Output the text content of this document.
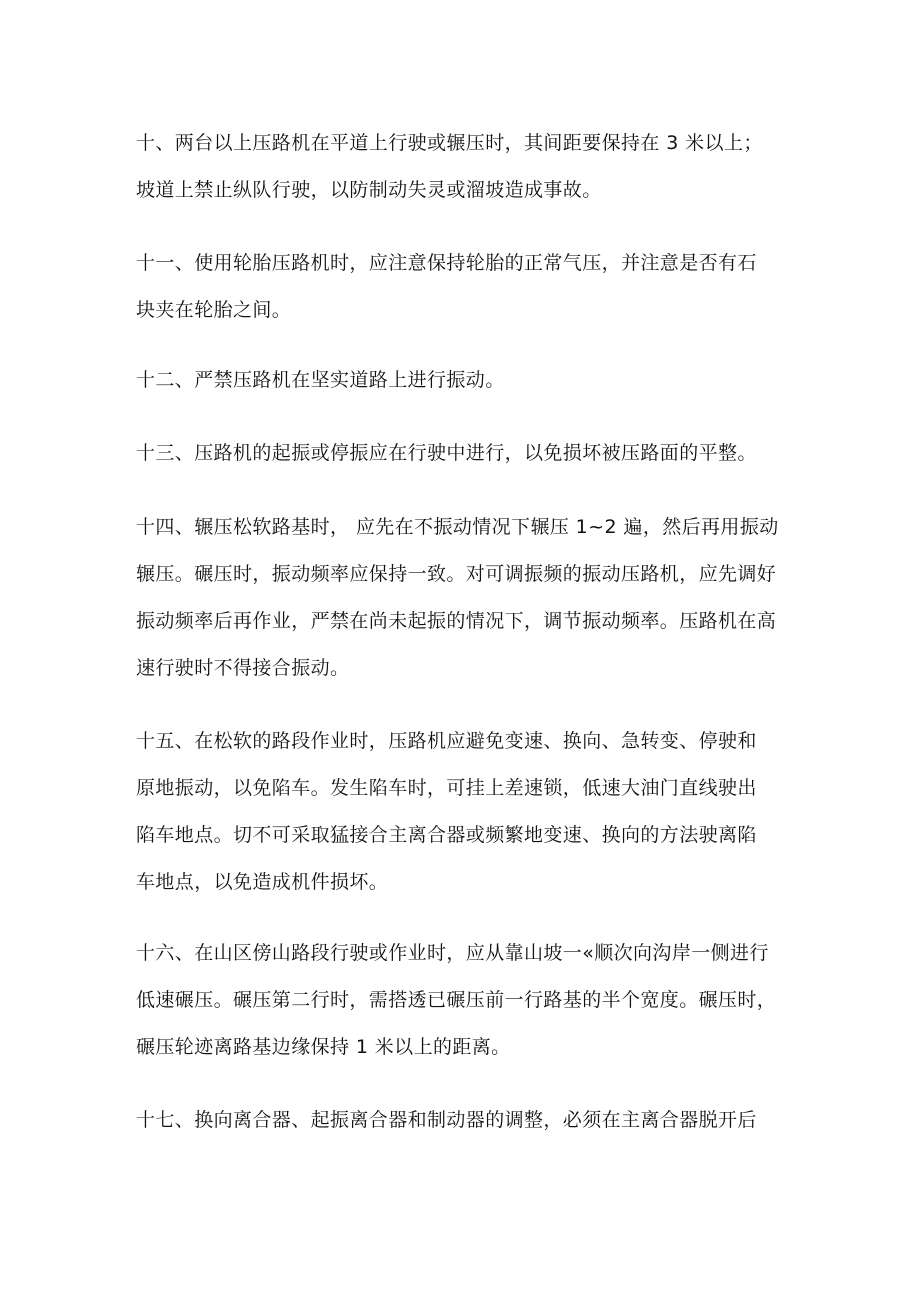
十、两台以上压路机在平道上行驶或辗压时，其间距要保持在 3 米以上；
坡道上禁止纵队行驶，以防制动失灵或溜坡造成事故。

十一、使用轮胎压路机时，应注意保持轮胎的正常气压，并注意是否有石
块夹在轮胎之间。

十二、严禁压路机在坚实道路上进行振动。

十三、压路机的起振或停振应在行驶中进行，以免损坏被压路面的平整。

十四、辗压松软路基时， 应先在不振动情况下辗压 1~2 遍，然后再用振动
辗压。碾压时，振动频率应保持一致。对可调振频的振动压路机，应先调好
振动频率后再作业，严禁在尚未起振的情况下，调节振动频率。压路机在高
速行驶时不得接合振动。

十五、在松软的路段作业时，压路机应避免变速、换向、急转变、停驶和
原地振动，以免陷车。发生陷车时，可挂上差速锁，低速大油门直线驶出
陷车地点。切不可采取猛接合主离合器或频繁地变速、换向的方法驶离陷
车地点，以免造成机件损坏。

十六、在山区傍山路段行驶或作业时，应从靠山坡一«顺次向沟岸一侧进行
低速碾压。碾压第二行时，需搭透已碾压前一行路基的半个宽度。碾压时，
碾压轮迹离路基边缘保持 1 米以上的距离。

十七、换向离合器、起振离合器和制动器的调整，必须在主离合器脱开后
